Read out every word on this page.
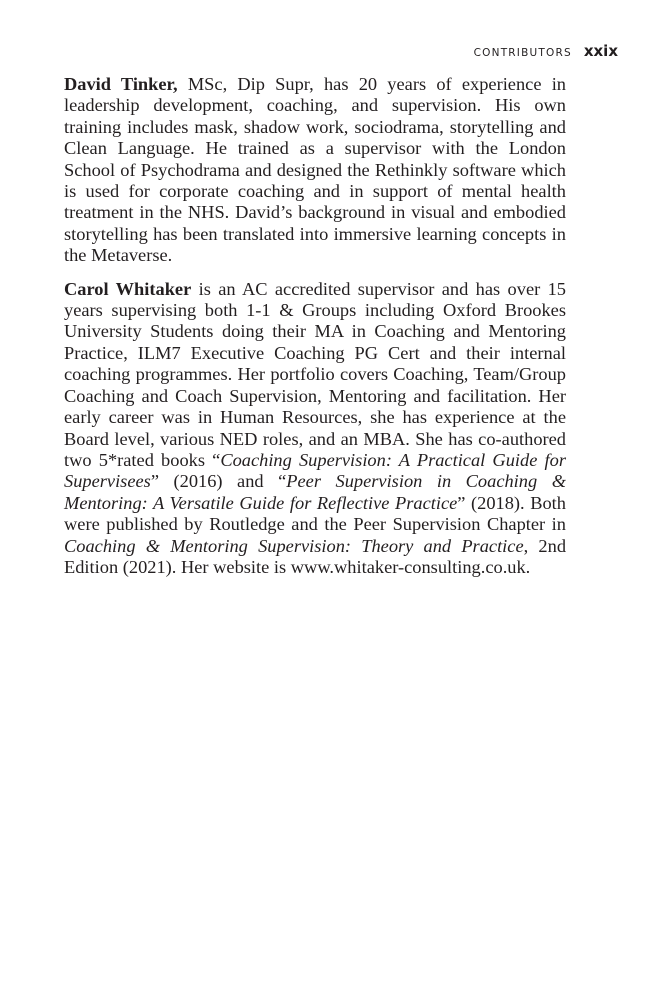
CONTRIBUTORS xxix

David Tinker, MSc, Dip Supr, has 20 years of experience in leadership development, coaching, and supervision. His own training includes mask, shadow work, sociodrama, storytelling and Clean Language. He trained as a supervisor with the London School of Psychodrama and designed the Rethinkly software which is used for corporate coaching and in support of mental health treatment in the NHS. David’s background in visual and embodied storytelling has been translated into immersive learning concepts in the Metaverse.

Carol Whitaker is an AC accredited supervisor and has over 15 years supervising both 1-1 & Groups including Oxford Brookes University Students doing their MA in Coaching and Mentoring Practice, ILM7 Executive Coaching PG Cert and their internal coaching programmes. Her portfolio covers Coaching, Team/Group Coaching and Coach Supervision, Mentoring and facilitation. Her early career was in Human Resources, she has experience at the Board level, various NED roles, and an MBA. She has co-authored two 5*rated books “Coaching Supervision: A Practical Guide for Supervisees” (2016) and “Peer Supervision in Coaching & Mentoring: A Versatile Guide for Reflective Practice” (2018). Both were published by Routledge and the Peer Supervision Chapter in Coaching & Mentoring Supervision: Theory and Practice, 2nd Edition (2021). Her website is www.whitaker-consulting.co.uk.
